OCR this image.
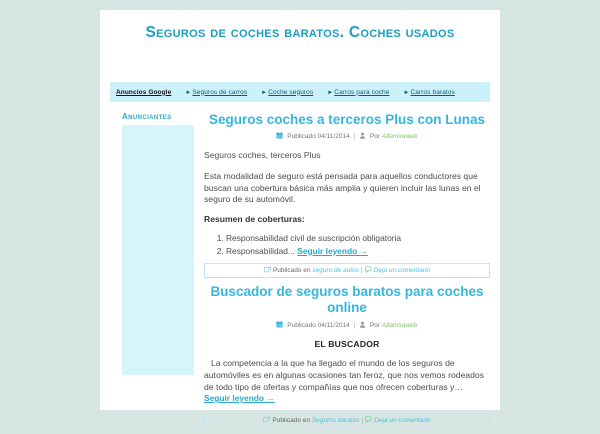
Seguros de coches baratos. Coches usados
Anuncios Google ►Seguros de carros ►Coche seguros ►Carros para coche ►Carros baratos
Anunciantes	Seguros coches a terceros Plus con Lunas
Publicado 04/11/2014 | Por Altamiraweb

Seguros coches, terceros Plus

Esta modalidad de seguro está pensada para aquellos conductores que buscan una cobertura básica más amplia y quieren incluir las lunas en el seguro de su automóvil.

Resumen de coberturas:

1. Responsabilidad civil de suscripción obligatoria
2. Responsabilidad... Seguir leyendo →
Publicado en
seguro de autos | Deja un comentario
Buscador de seguros baratos para coches online
Publicado 04/11/2014 | Por Altamiraweb

EL BUSCADOR

La competencia a la que ha llegado el mundo de los seguros de automóviles es en algunas ocasiones tan feroz, que nos vemos rodeados de todo tipo de ofertas y compañías que nos ofrecen coberturas y… Seguir leyendo →

Publicado en
Seguros baratos | Deja un comentario
